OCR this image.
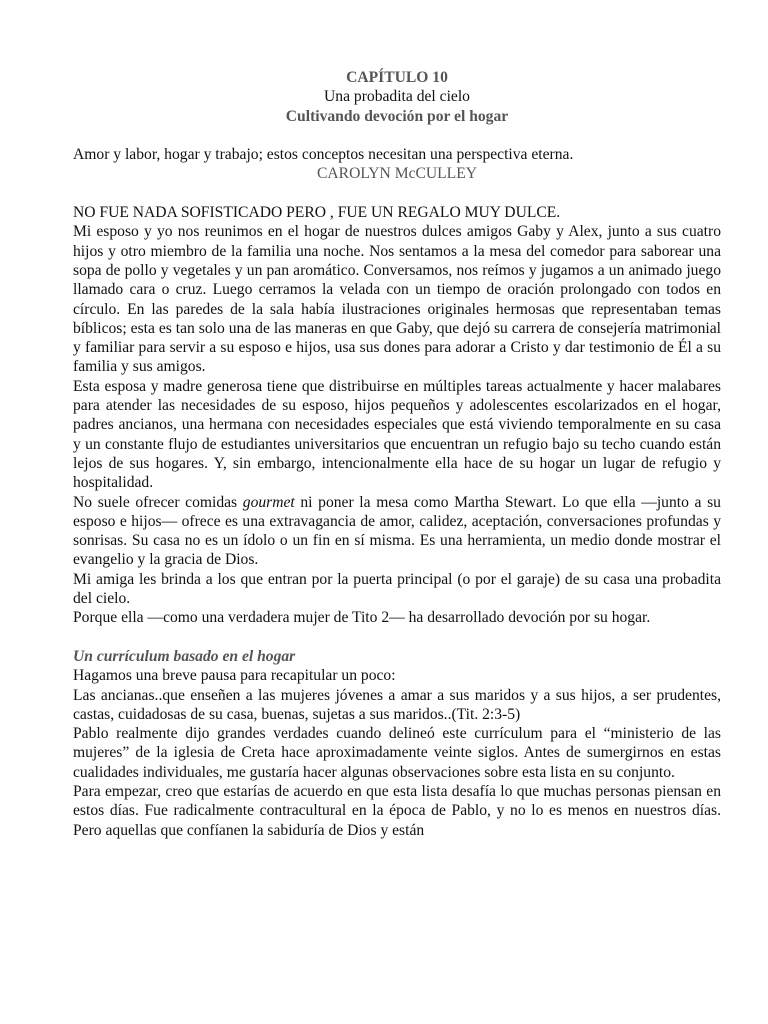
CAPÍTULO 10
Una probadita del cielo
Cultivando devoción por el hogar

Amor y labor, hogar y trabajo; estos conceptos necesitan una perspectiva eterna.

CAROLYN McCULLEY

NO FUE NADA SOFISTICADO PERO , FUE UN REGALO MUY DULCE.

Mi esposo y yo nos reunimos en el hogar de nuestros dulces amigos Gaby y Alex, junto a sus cuatro hijos y otro miembro de la familia una noche. Nos sentamos a la mesa del comedor para saborear una sopa de pollo y vegetales y un pan aromático. Conversamos, nos reímos y jugamos a un animado juego llamado cara o cruz. Luego cerramos la velada con un tiempo de oración prolongado con todos en círculo. En las paredes de la sala había ilustraciones originales hermosas que representaban temas bíblicos; esta es tan solo una de las maneras en que Gaby, que dejó su carrera de consejería matrimonial y familiar para servir a su esposo e hijos, usa sus dones para adorar a Cristo y dar testimonio de Él a su familia y sus amigos.

Esta esposa y madre generosa tiene que distribuirse en múltiples tareas actualmente y hacer malabares para atender las necesidades de su esposo, hijos pequeños y adolescentes escolarizados en el hogar, padres ancianos, una hermana con necesidades especiales que está viviendo temporalmente en su casa y un constante flujo de estudiantes universitarios que encuentran un refugio bajo su techo cuando están lejos de sus hogares. Y, sin embargo, intencionalmente ella hace de su hogar un lugar de refugio y hospitalidad.

No suele ofrecer comidas gourmet ni poner la mesa como Martha Stewart. Lo que ella —junto a su esposo e hijos— ofrece es una extravagancia de amor, calidez, aceptación, conversaciones profundas y sonrisas. Su casa no es un ídolo o un fin en sí misma. Es una herramienta, un medio donde mostrar el evangelio y la gracia de Dios.

Mi amiga les brinda a los que entran por la puerta principal (o por el garaje) de su casa una probadita del cielo.

Porque ella —como una verdadera mujer de Tito 2— ha desarrollado devoción por su hogar.

Un currículum basado en el hogar

Hagamos una breve pausa para recapitular un poco:

Las ancianas..que enseñen a las mujeres jóvenes a amar a sus maridos y a sus hijos, a ser prudentes, castas, cuidadosas de su casa, buenas, sujetas a sus maridos..(Tit. 2:3-5)

Pablo realmente dijo grandes verdades cuando delineó este currículum para el “ministerio de las mujeres” de la iglesia de Creta hace aproximadamente veinte siglos. Antes de sumergirnos en estas cualidades individuales, me gustaría hacer algunas observaciones sobre esta lista en su conjunto.

Para empezar, creo que estarías de acuerdo en que esta lista desafía lo que muchas personas piensan en estos días. Fue radicalmente contracultural en la época de Pablo, y no lo es menos en nuestros días. Pero aquellas que confíanen la sabiduría de Dios y están
